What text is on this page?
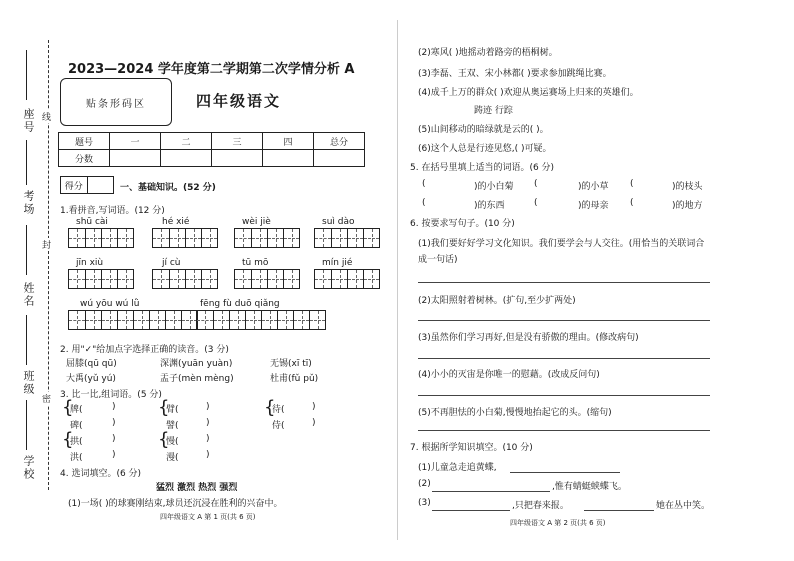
座号
考场
姓名
班级
学校
线
封
密
2023—2024 学年度第二学期第二次学情分析 A
贴条形码区	四年级语文
题号	一	二	三	四	总分
分数					
得分	一、基础知识。(52 分)
1.看拼音,写词语。(12 分)
shū cài	hé xié	wèi jiè	suì dào
jīn xiù	jí cù	tū mō	mín jié
wú yōu wú lǜ	fēng fù duō qiǎng
2. 用"✓"给加点字选择正确的读音。(3 分)
屈膝(qū qū)	深渊(yuān yuàn)	无锡(xī tī)
大禹(yǔ yú)	盂子(mèn mèng)	杜甫(fǔ pǔ)
3. 比一比,组词语。(5 分)
{
牌(	)
碑(	)
{
拱(	)
洪(	)
{
臂(	)
譬(	)
{
慢(	)
漫(	)
{
待(	)
侍(	)
4. 选词填空。(6 分)
猛烈 激烈 热烈 强烈
(1)一场( )的球赛刚结束,球员还沉浸在胜利的兴奋中。
四年级语文 A 第 1 页(共 6 页)
(2)寒风( )地摇动着路旁的梧桐树。
(3)李磊、王双、宋小林都( )要求参加跳绳比赛。
(4)成千上万的群众( )欢迎从奥运赛场上归来的英雄们。
踌迹 行踪
(5)山间移动的暗绿就是云的( )。
(6)这个人总是行迹见悠,( )可疑。
5. 在括号里填上适当的词语。(6 分)
(	)的小白菊 (	)的小草 (	)的枝头
(	)的东西	(	)的母亲 (	)的地方
6. 按要求写句子。(10 分)
(1)我们要好好学习文化知识。我们要学会与人交往。(用恰当的关联词合
成一句话)
(2)太阳照射着树林。(扩句,至少扩两处)
(3)虽然你们学习再好,但是没有骄傲的理由。(修改病句)
(4)小小的灭宙是你唯一的慰藉。(改成反问句)
(5)不再胆怯的小白菊,慢慢地抬起它的头。(缩句)
7. 根据所学知识填空。(10 分)
(1)儿童急走追黄蝶,
(2)	,惟有蜻蜓蛱蝶飞。
(3)	,只把春来报。	她在丛中笑。
四年级语文 A 第 2 页(共 6 页)
